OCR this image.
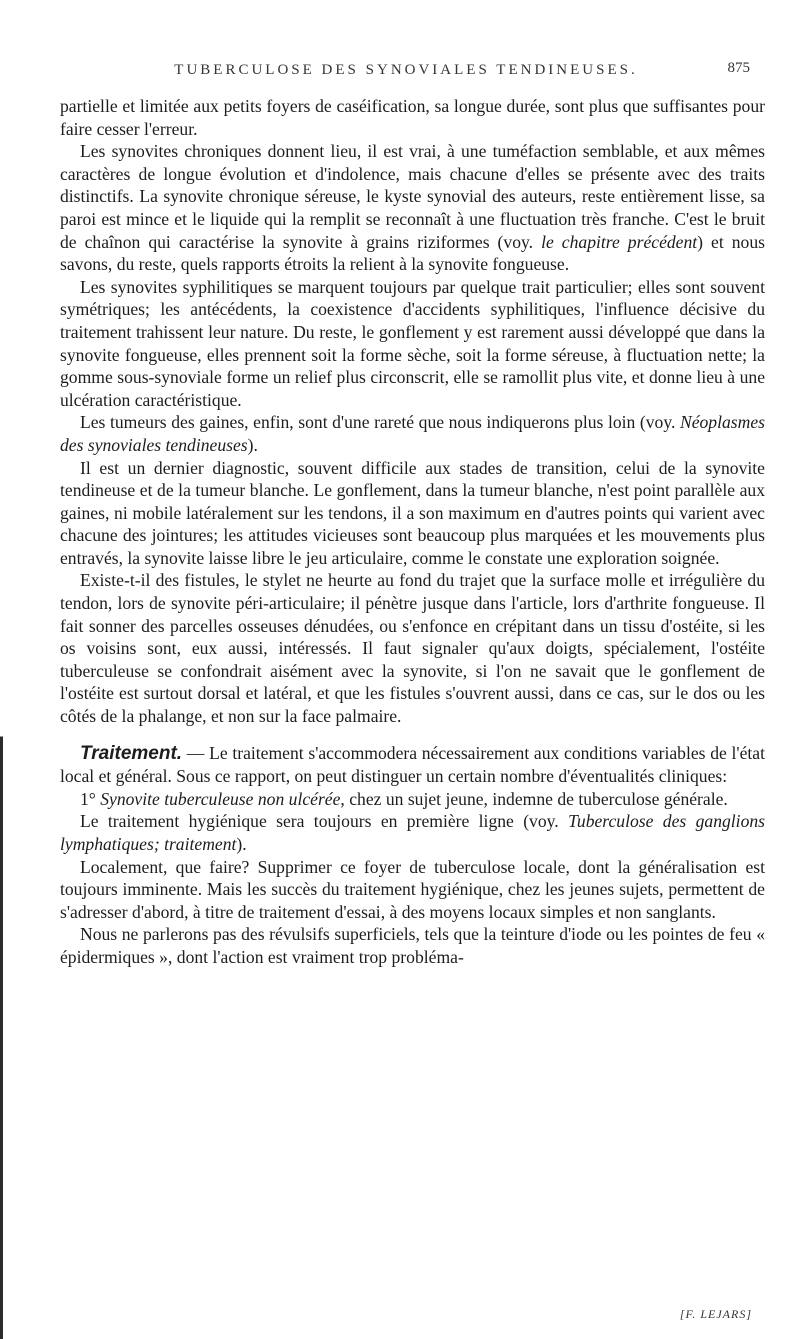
TUBERCULOSE DES SYNOVIALES TENDINEUSES.	875

partielle et limitée aux petits foyers de caséification, sa longue durée, sont plus que suffisantes pour faire cesser l'erreur.

Les synovites chroniques donnent lieu, il est vrai, à une tuméfaction semblable, et aux mêmes caractères de longue évolution et d'indolence, mais chacune d'elles se présente avec des traits distinctifs. La synovite chronique séreuse, le kyste synovial des auteurs, reste entièrement lisse, sa paroi est mince et le liquide qui la remplit se reconnaît à une fluctuation très franche. C'est le bruit de chaînon qui caractérise la synovite à grains riziformes (voy. le chapitre précédent) et nous savons, du reste, quels rapports étroits la relient à la synovite fongueuse.

Les synovites syphilitiques se marquent toujours par quelque trait particulier; elles sont souvent symétriques; les antécédents, la coexistence d'accidents syphilitiques, l'influence décisive du traitement trahissent leur nature. Du reste, le gonflement y est rarement aussi développé que dans la synovite fongueuse, elles prennent soit la forme sèche, soit la forme séreuse, à fluctuation nette; la gomme sous-synoviale forme un relief plus circonscrit, elle se ramollit plus vite, et donne lieu à une ulcération caractéristique.

Les tumeurs des gaines, enfin, sont d'une rareté que nous indiquerons plus loin (voy. Néoplasmes des synoviales tendineuses).

Il est un dernier diagnostic, souvent difficile aux stades de transition, celui de la synovite tendineuse et de la tumeur blanche. Le gonflement, dans la tumeur blanche, n'est point parallèle aux gaines, ni mobile latéralement sur les tendons, il a son maximum en d'autres points qui varient avec chacune des jointures; les attitudes vicieuses sont beaucoup plus marquées et les mouvements plus entravés, la synovite laisse libre le jeu articulaire, comme le constate une exploration soignée.

Existe-t-il des fistules, le stylet ne heurte au fond du trajet que la surface molle et irrégulière du tendon, lors de synovite péri-articulaire; il pénètre jusque dans l'article, lors d'arthrite fongueuse. Il fait sonner des parcelles osseuses dénudées, ou s'enfonce en crépitant dans un tissu d'ostéite, si les os voisins sont, eux aussi, intéressés. Il faut signaler qu'aux doigts, spécialement, l'ostéite tuberculeuse se confondrait aisément avec la synovite, si l'on ne savait que le gonflement de l'ostéite est surtout dorsal et latéral, et que les fistules s'ouvrent aussi, dans ce cas, sur le dos ou les côtés de la phalange, et non sur la face palmaire.

Traitement. — Le traitement s'accommodera nécessairement aux conditions variables de l'état local et général. Sous ce rapport, on peut distinguer un certain nombre d'éventualités cliniques:

1° Synovite tuberculeuse non ulcérée, chez un sujet jeune, indemne de tuberculose générale.

Le traitement hygiénique sera toujours en première ligne (voy. Tuberculose des ganglions lymphatiques; traitement).

Localement, que faire? Supprimer ce foyer de tuberculose locale, dont la généralisation est toujours imminente. Mais les succès du traitement hygiénique, chez les jeunes sujets, permettent de s'adresser d'abord, à titre de traitement d'essai, à des moyens locaux simples et non sanglants.

Nous ne parlerons pas des révulsifs superficiels, tels que la teinture d'iode ou les pointes de feu « épidermiques », dont l'action est vraiment trop probléma-

[F. LEJARS]
